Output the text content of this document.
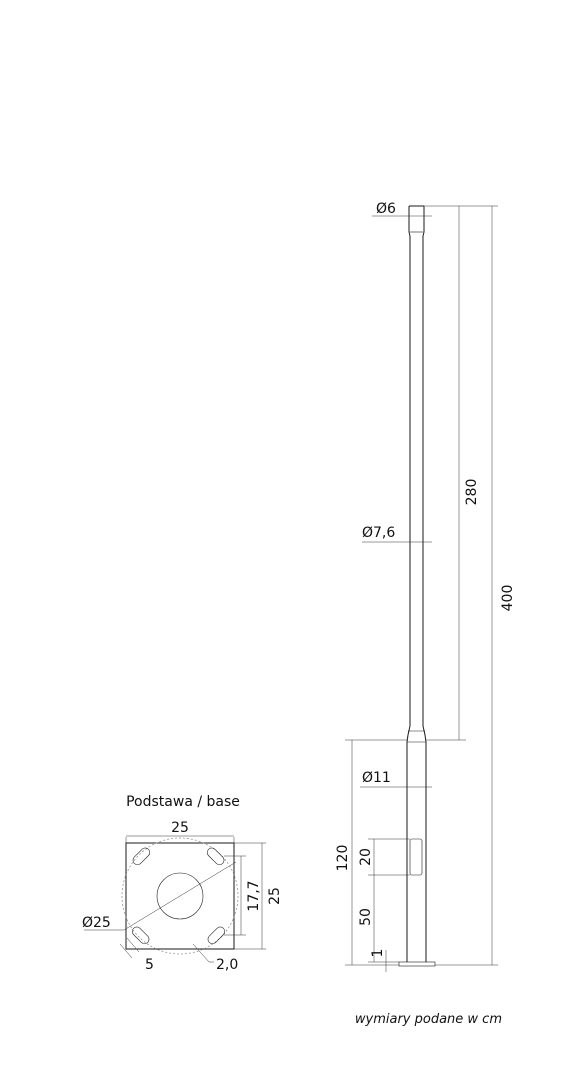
Ø6
Ø7,6
Ø11
280
400
120 20
50
1
Podstawa / base
25
25
17,7
Ø25
5	2,0
wymiary podane w cm
